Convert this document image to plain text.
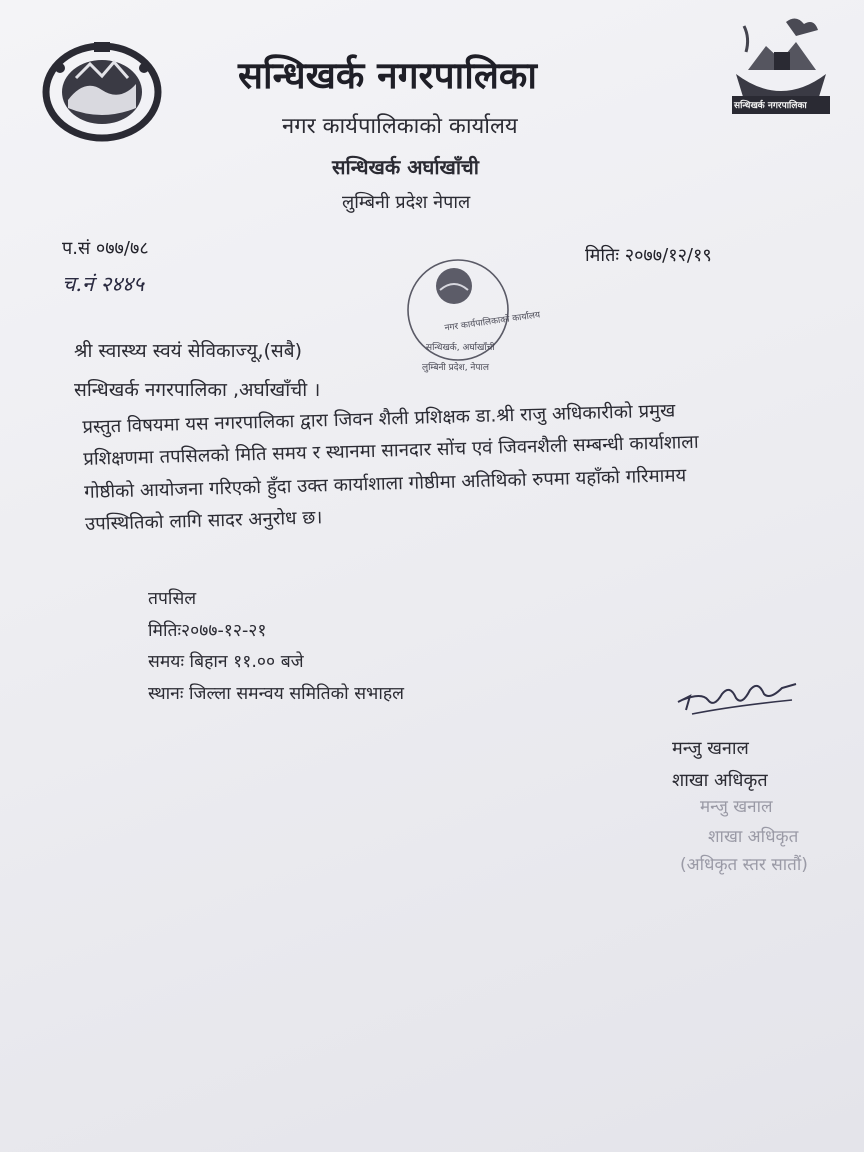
सन्धिखर्क नगरपालिका
सन्धिखर्क नगरपालिका
नगर कार्यपालिकाको कार्यालय
सन्धिखर्क अर्घाखाँची
लुम्बिनी प्रदेश नेपाल
प.सं ०७७/७८
च.नं २४४५
मितिः २०७७/१२/१९
नगर कार्यपालिकाको कार्यालय
सन्धिखर्क, अर्घाखाँची
लुम्बिनी प्रदेश, नेपाल
श्री स्वास्थ्य स्वयं सेविकाज्यू,(सबै)
सन्धिखर्क नगरपालिका ,अर्घाखाँची ।

प्रस्तुत विषयमा यस नगरपालिका द्वारा जिवन शैली प्रशिक्षक डा.श्री राजु अधिकारीको प्रमुख

प्रशिक्षणमा तपसिलको मिति समय र स्थानमा सानदार सोंच एवं जिवनशैली सम्बन्धी कार्याशाला

गोष्ठीको आयोजना गरिएको हुँदा उक्त कार्याशाला गोष्ठीमा अतिथिको रुपमा यहाँको गरिमामय

उपस्थितिको लागि सादर अनुरोध छ।

तपसिल
मितिः२०७७-१२-२१
समयः बिहान ११.०० बजे
स्थानः जिल्ला समन्वय समितिको सभाहल
मन्जु खनाल
शाखा अधिकृत
मन्जु खनाल
शाखा अधिकृत
(अधिकृत स्तर सातौं)
